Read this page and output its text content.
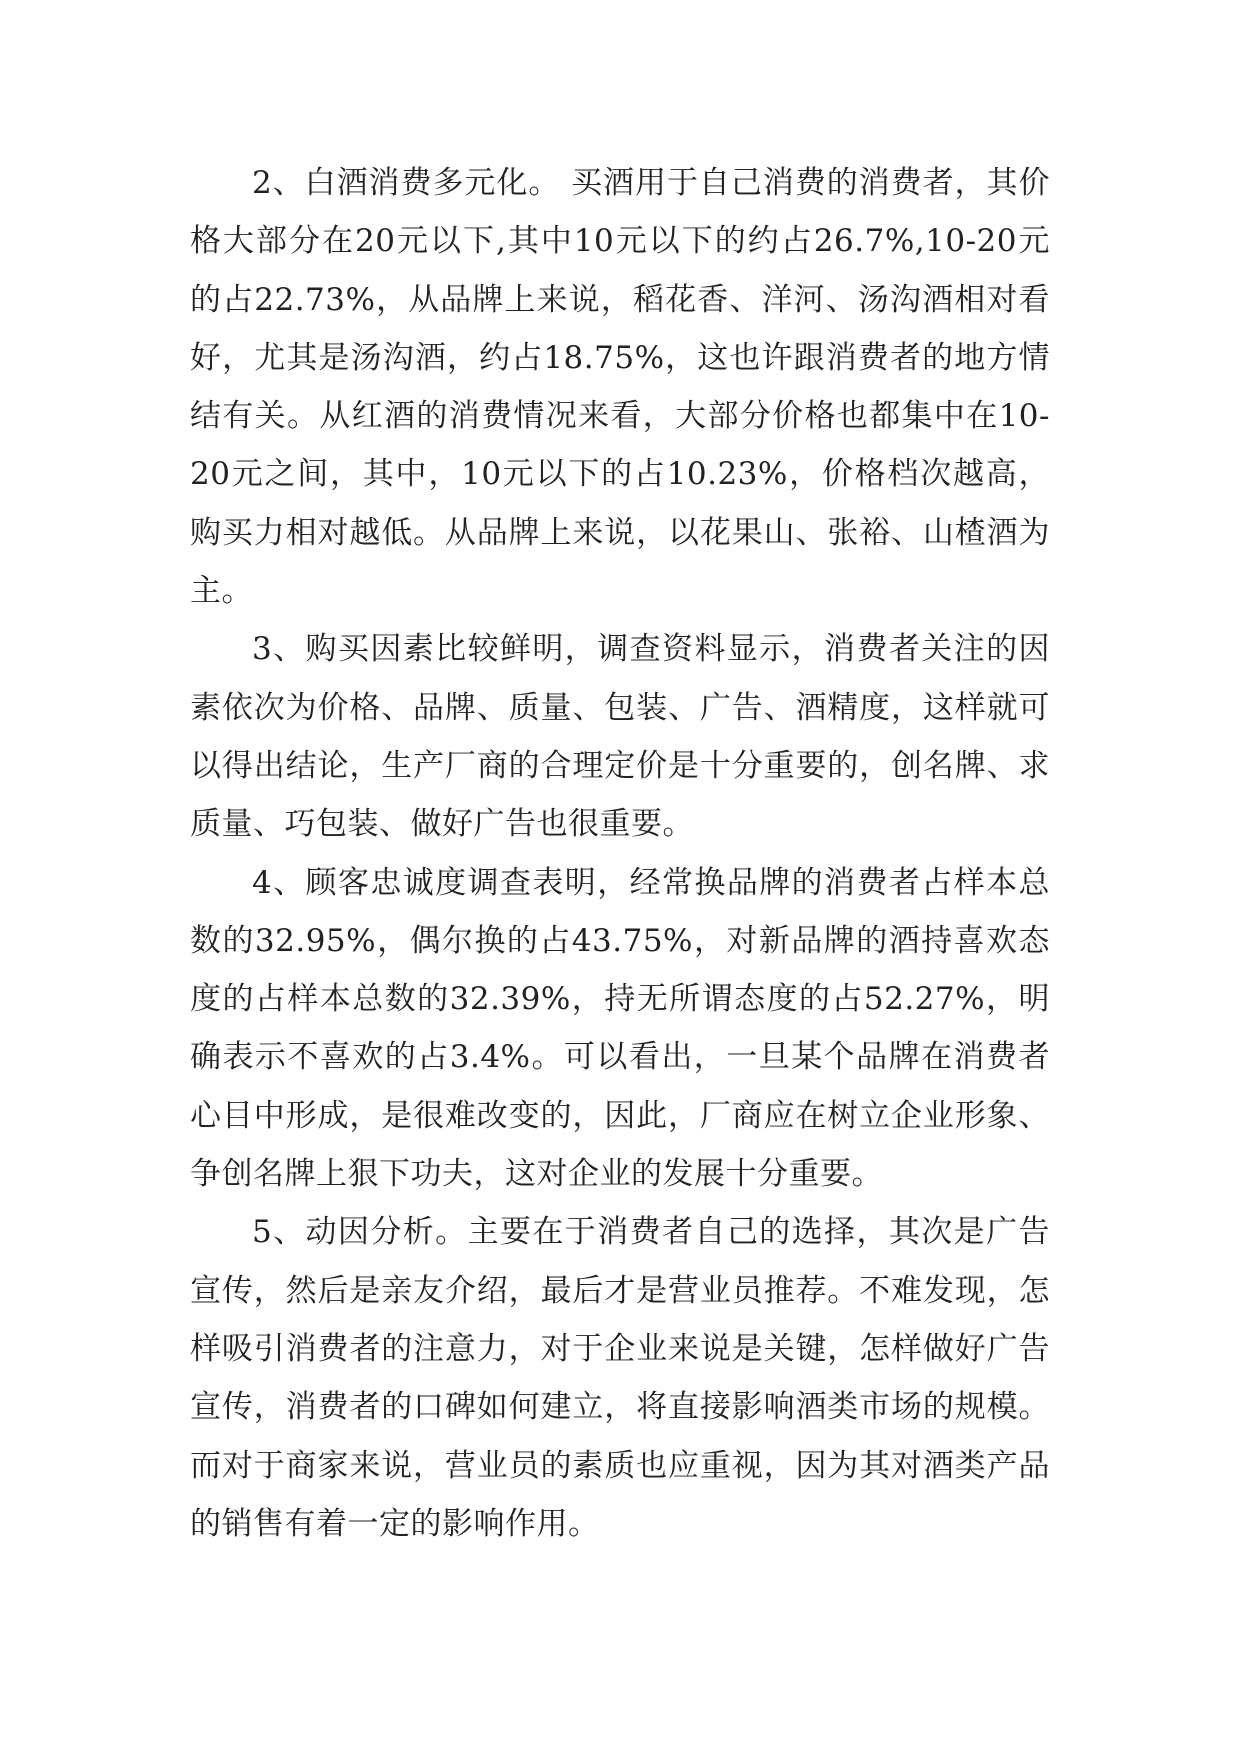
2、白酒消费多元化。 买酒用于自己消费的消费者，其价格大部分在20元以下,其中10元以下的约占26.7%,10-20元的占22.73%，从品牌上来说，稻花香、洋河、汤沟酒相对看好，尤其是汤沟酒，约占18.75%，这也许跟消费者的地方情结有关。从红酒的消费情况来看，大部分价格也都集中在10-20元之间，其中，10元以下的占10.23%，价格档次越高，购买力相对越低。从品牌上来说，以花果山、张裕、山楂酒为主。

3、购买因素比较鲜明，调查资料显示，消费者关注的因素依次为价格、品牌、质量、包装、广告、酒精度，这样就可以得出结论，生产厂商的合理定价是十分重要的，创名牌、求质量、巧包装、做好广告也很重要。

4、顾客忠诚度调查表明，经常换品牌的消费者占样本总数的32.95%，偶尔换的占43.75%，对新品牌的酒持喜欢态度的占样本总数的32.39%，持无所谓态度的占52.27%，明确表示不喜欢的占3.4%。可以看出，一旦某个品牌在消费者心目中形成，是很难改变的，因此，厂商应在树立企业形象、争创名牌上狠下功夫，这对企业的发展十分重要。

5、动因分析。主要在于消费者自己的选择，其次是广告宣传，然后是亲友介绍，最后才是营业员推荐。不难发现，怎样吸引消费者的注意力，对于企业来说是关键，怎样做好广告宣传，消费者的口碑如何建立，将直接影响酒类市场的规模。而对于商家来说，营业员的素质也应重视，因为其对酒类产品的销售有着一定的影响作用。
